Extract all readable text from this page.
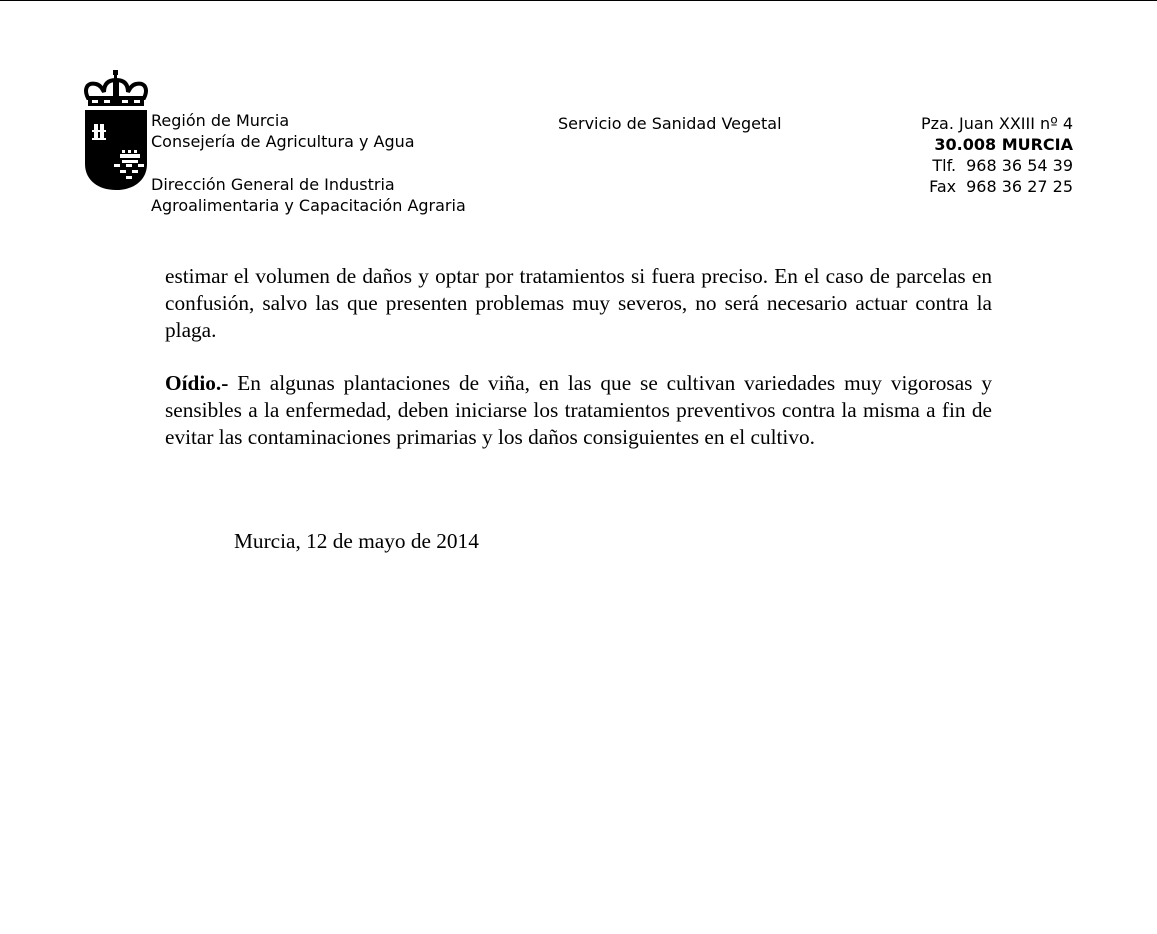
Región de Murcia
Consejería de Agricultura y Agua
Dirección General de Industria
Agroalimentaria y Capacitación Agraria
Servicio de Sanidad Vegetal	Pza. Juan XXIII nº 4
30.008 MURCIA
Tlf. 968 36 54 39
Fax 968 36 27 25
estimar el volumen de daños y optar por tratamientos si fuera preciso. En el caso de parcelas en confusión, salvo las que presenten problemas muy severos, no será necesario actuar contra la plaga.
Oídio.- En algunas plantaciones de viña, en las que se cultivan variedades muy vigorosas y sensibles a la enfermedad, deben iniciarse los tratamientos preventivos contra la misma a fin de evitar las contaminaciones primarias y los daños consiguientes en el cultivo.
Murcia, 12 de mayo de 2014
